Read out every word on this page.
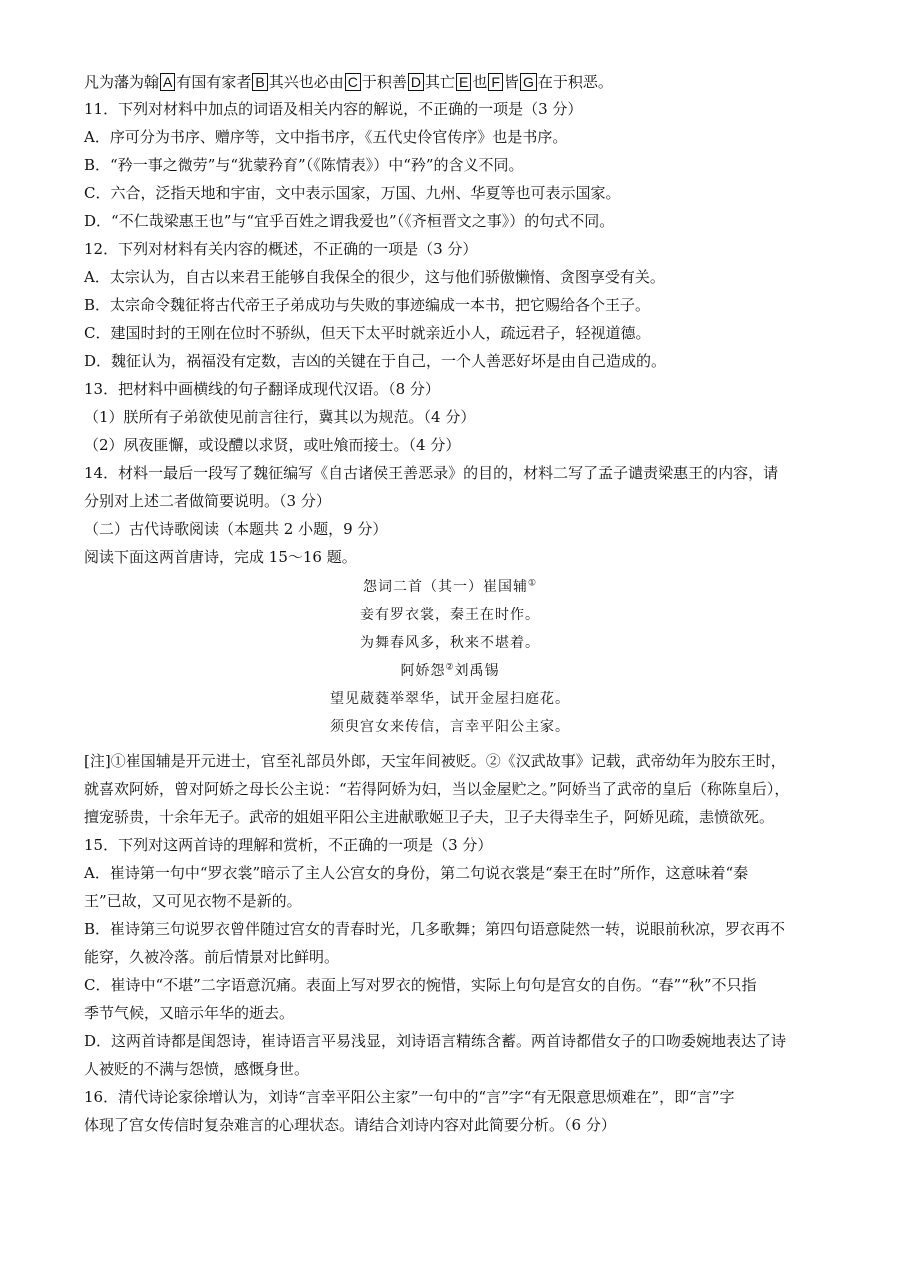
凡为藩为翰 A 有国有家者 B 其兴也必由 C 于积善 D 其亡 E 也 F 皆 G 在于积恶。
11．下列对材料中加点的词语及相关内容的解说，不正确的一项是（3 分）
A．序可分为书序、赠序等，文中指书序，《五代史伶官传序》也是书序。
B．“矜一事之微劳”与“犹蒙矜育”（《陈情表》）中“矜”的含义不同。
C．六合，泛指天地和宇宙，文中表示国家，万国、九州、华夏等也可表示国家。
D．“不仁哉梁惠王也”与“宜乎百姓之谓我爱也”（《齐桓晋文之事》）的句式不同。
12．下列对材料有关内容的概述，不正确的一项是（3 分）
A．太宗认为，自古以来君王能够自我保全的很少，这与他们骄傲懒惰、贪图享受有关。
B．太宗命令魏征将古代帝王子弟成功与失败的事迹编成一本书，把它赐给各个王子。
C．建国时封的王刚在位时不骄纵，但天下太平时就亲近小人，疏远君子，轻视道德。
D．魏征认为，祸福没有定数，吉凶的关键在于自己，一个人善恶好坏是由自己造成的。
13．把材料中画横线的句子翻译成现代汉语。（8 分）
（1）朕所有子弟欲使见前言往行，冀其以为规范。（4 分）
（2）夙夜匪懈，或设醴以求贤，或吐飧而接士。（4 分）
14．材料一最后一段写了魏征编写《自古诸侯王善恶录》的目的，材料二写了孟子谴责梁惠王的内容，请
分别对上述二者做简要说明。（3 分）
（二）古代诗歌阅读（本题共 2 小题，9 分）
阅读下面这两首唐诗，完成 15～16 题。
怨词二首（其一）崔国辅①
妾有罗衣裳，秦王在时作。
为舞春风多，秋来不堪着。
阿娇怨②刘禹锡
望见葳蕤举翠华，试开金屋扫庭花。
须臾宫女来传信，言幸平阳公主家。
[注]①崔国辅是开元进士，官至礼部员外郎，天宝年间被贬。②《汉武故事》记载，武帝幼年为胶东王时，
就喜欢阿娇，曾对阿娇之母长公主说：“若得阿娇为妇，当以金屋贮之。”阿娇当了武帝的皇后（称陈皇后），
擅宠骄贵，十余年无子。武帝的姐姐平阳公主进献歌姬卫子夫，卫子夫得幸生子，阿娇见疏，恚愤欲死。
15．下列对这两首诗的理解和赏析，不正确的一项是（3 分）
A．崔诗第一句中“罗衣裳”暗示了主人公宫女的身份，第二句说衣裳是“秦王在时”所作，这意味着“秦
王”已故，又可见衣物不是新的。
B．崔诗第三句说罗衣曾伴随过宫女的青春时光，几多歌舞；第四句语意陡然一转，说眼前秋凉，罗衣再不
能穿，久被冷落。前后情景对比鲜明。
C．崔诗中“不堪”二字语意沉痛。表面上写对罗衣的惋惜，实际上句句是宫女的自伤。“春”“秋”不只指
季节气候，又暗示年华的逝去。
D．这两首诗都是闺怨诗，崔诗语言平易浅显，刘诗语言精练含蓄。两首诗都借女子的口吻委婉地表达了诗
人被贬的不满与怨愤，感慨身世。
16．清代诗论家徐增认为，刘诗“言幸平阳公主家”一句中的“言”字“有无限意思烦难在”，即“言”字
体现了宫女传信时复杂难言的心理状态。请结合刘诗内容对此简要分析。（6 分）
